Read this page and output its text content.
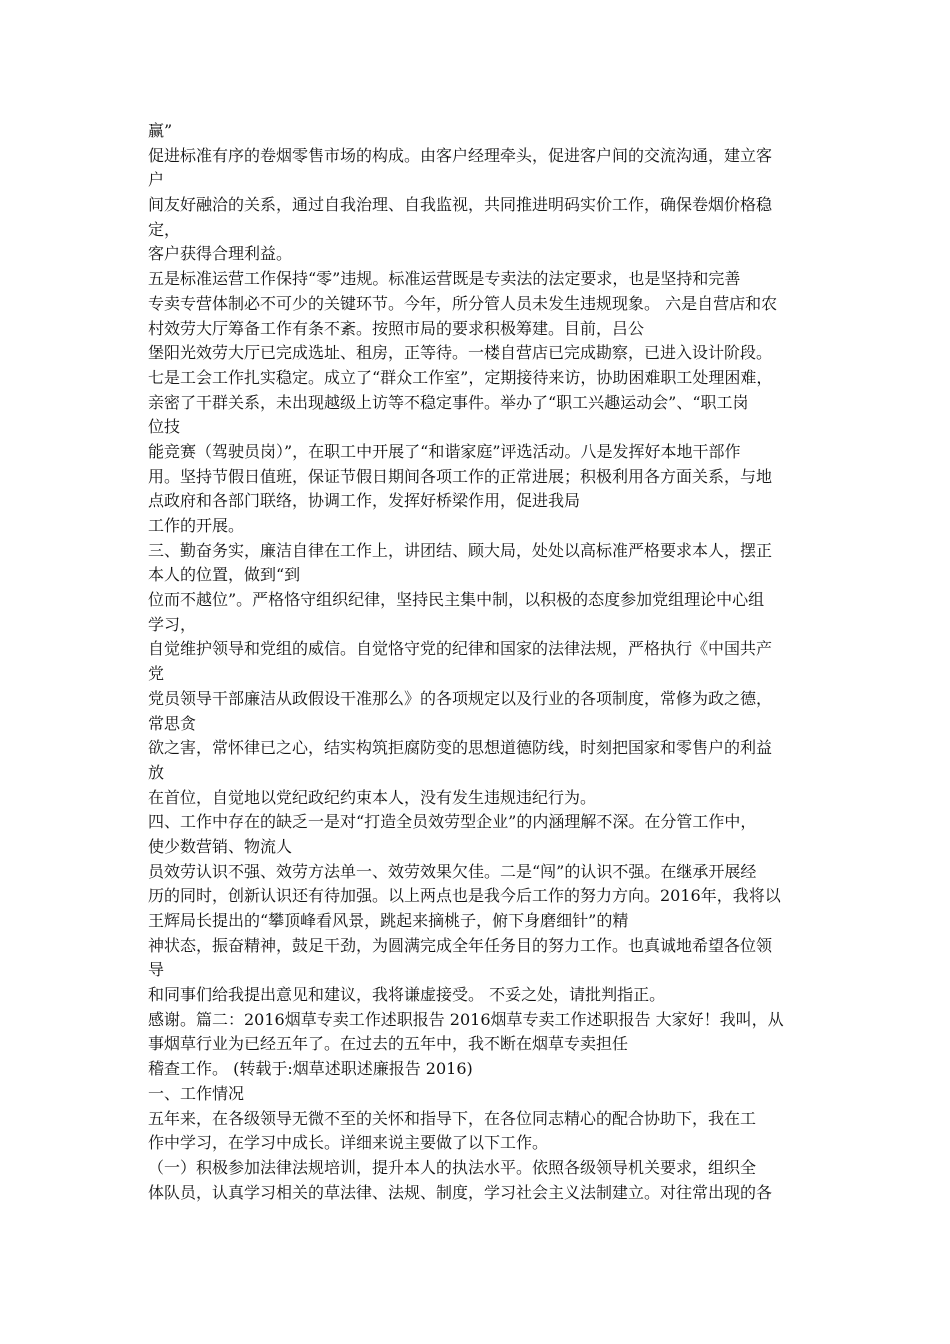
赢”
促进标准有序的卷烟零售市场的构成。由客户经理牵头，促进客户间的交流沟通，建立客
户
间友好融洽的关系，通过自我治理、自我监视，共同推进明码实价工作，确保卷烟价格稳
定，
客户获得合理利益。
五是标准运营工作保持“零”违规。标准运营既是专卖法的法定要求，也是坚持和完善
专卖专营体制必不可少的关键环节。今年，所分管人员未发生违规现象。 六是自营店和农
村效劳大厅筹备工作有条不紊。按照市局的要求积极筹建。目前，吕公
堡阳光效劳大厅已完成选址、租房，正等待。一楼自营店已完成勘察，已进入设计阶段。
七是工会工作扎实稳定。成立了“群众工作室”，定期接待来访，协助困难职工处理困难，
亲密了干群关系，未出现越级上访等不稳定事件。举办了“职工兴趣运动会”、“职工岗
位技
能竞赛（驾驶员岗）”，在职工中开展了“和谐家庭”评选活动。八是发挥好本地干部作
用。坚持节假日值班，保证节假日期间各项工作的正常进展；积极利用各方面关系，与地
点政府和各部门联络，协调工作，发挥好桥梁作用，促进我局
工作的开展。
三、勤奋务实，廉洁自律在工作上，讲团结、顾大局，处处以高标准严格要求本人，摆正
本人的位置，做到“到
位而不越位”。严格恪守组织纪律，坚持民主集中制，以积极的态度参加党组理论中心组
学习，
自觉维护领导和党组的威信。自觉恪守党的纪律和国家的法律法规，严格执行《中国共产
党
党员领导干部廉洁从政假设干准那么》的各项规定以及行业的各项制度，常修为政之德，
常思贪
欲之害，常怀律已之心，结实构筑拒腐防变的思想道德防线，时刻把国家和零售户的利益
放
在首位，自觉地以党纪政纪约束本人，没有发生违规违纪行为。
四、工作中存在的缺乏一是对“打造全员效劳型企业”的内涵理解不深。在分管工作中，
使少数营销、物流人
员效劳认识不强、效劳方法单一、效劳效果欠佳。二是“闯”的认识不强。在继承开展经
历的同时，创新认识还有待加强。以上两点也是我今后工作的努力方向。2016年，我将以
王辉局长提出的“攀顶峰看风景，跳起来摘桃子，俯下身磨细针”的精
神状态，振奋精神，鼓足干劲，为圆满完成全年任务目的努力工作。也真诚地希望各位领
导
和同事们给我提出意见和建议，我将谦虚接受。 不妥之处，请批判指正。
感谢。篇二：2016烟草专卖工作述职报告 2016烟草专卖工作述职报告 大家好！我叫，从
事烟草行业为已经五年了。在过去的五年中，我不断在烟草专卖担任
稽查工作。 (转载于:烟草述职述廉报告 2016)
一、工作情况
五年来，在各级领导无微不至的关怀和指导下，在各位同志精心的配合协助下，我在工
作中学习，在学习中成长。详细来说主要做了以下工作。
（一）积极参加法律法规培训，提升本人的执法水平。依照各级领导机关要求，组织全
体队员，认真学习相关的草法律、法规、制度，学习社会主义法制建立。对往常出现的各
